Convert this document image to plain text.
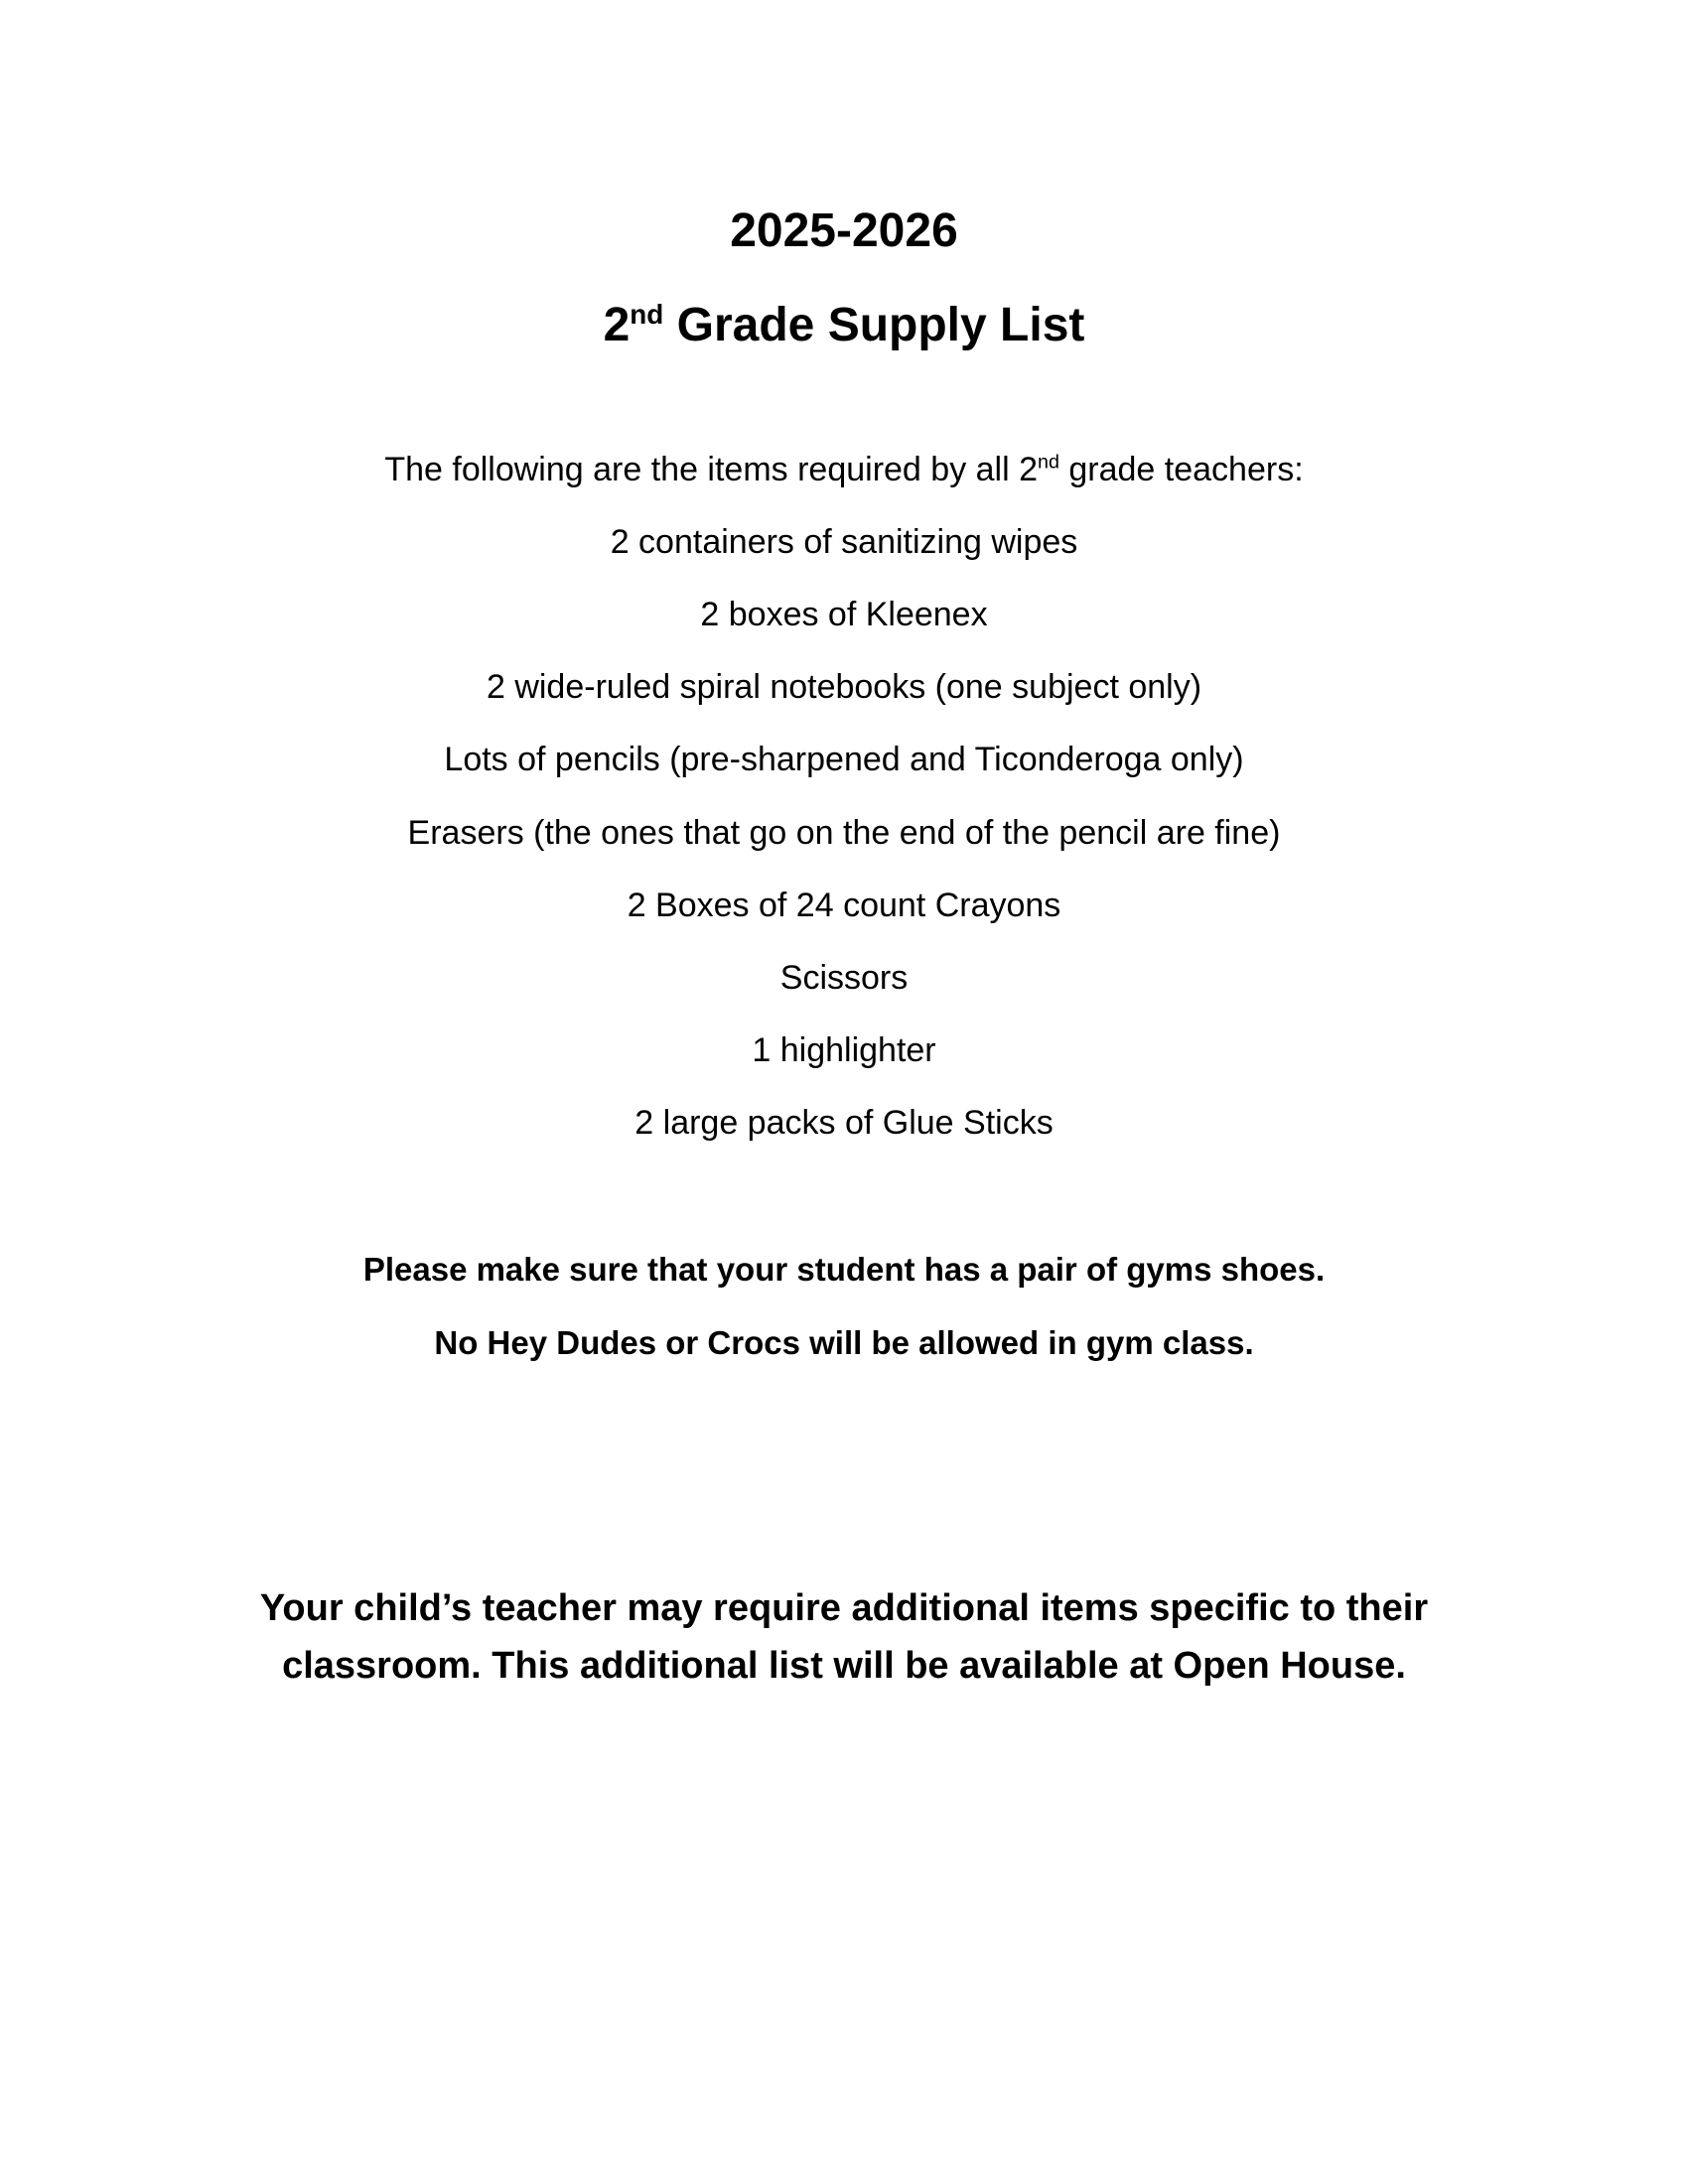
2025-2026
2nd Grade Supply List
The following are the items required by all 2nd grade teachers:
2 containers of sanitizing wipes
2 boxes of Kleenex
2 wide-ruled spiral notebooks (one subject only)
Lots of pencils (pre-sharpened and Ticonderoga only)
Erasers (the ones that go on the end of the pencil are fine)
2 Boxes of 24 count Crayons
Scissors
1 highlighter
2 large packs of Glue Sticks
Please make sure that your student has a pair of gyms shoes.
No Hey Dudes or Crocs will be allowed in gym class.
Your child’s teacher may require additional items specific to their
classroom. This additional list will be available at Open House.
